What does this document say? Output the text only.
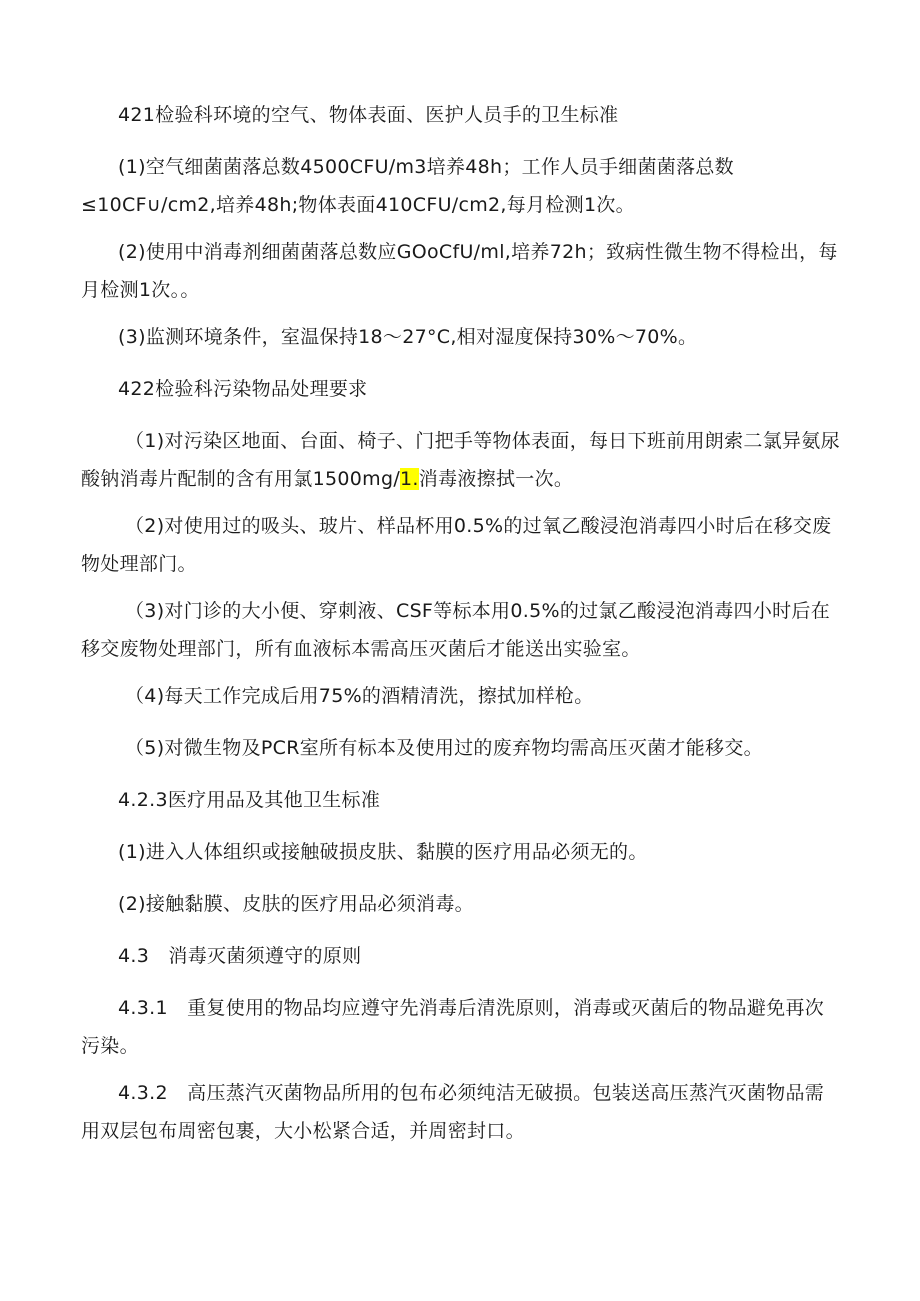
421检验科环境的空气、物体表面、医护人员手的卫生标准

(1)空气细菌菌落总数4500CFU∕m3培养48h；工作人员手细菌菌落总数≤10CF∪∕cm2,培养48h;物体表面410CFU/cm2,每月检测1次。

(2)使用中消毒剂细菌菌落总数应GOoCfU/ml,培养72h；致病性微生物不得检出，每月检测1次。。

(3)监测环境条件，室温保持18～27°C,相对湿度保持30%～70%。

422检验科污染物品处理要求

（1)对污染区地面、台面、椅子、门把手等物体表面，每日下班前用朗索二氯异氨尿酸钠消毒片配制的含有用氯1500mg∕1.消毒液擦拭一次。

（2)对使用过的吸头、玻片、样品杯用0.5%的过氧乙酸浸泡消毒四小时后在移交废物处理部门。

（3)对门诊的大小便、穿刺液、CSF等标本用0.5%的过氯乙酸浸泡消毒四小时后在移交废物处理部门，所有血液标本需高压灭菌后才能送出实验室。

（4)每天工作完成后用75%的酒精清洗，擦拭加样枪。

（5)对微生物及PCR室所有标本及使用过的废弃物均需高压灭菌才能移交。

4.2.3医疗用品及其他卫生标准

(1)进入人体组织或接触破损皮肤、黏膜的医疗用品必须无的。

(2)接触黏膜、皮肤的医疗用品必须消毒。

4.3　消毒灭菌须遵守的原则

4.3.1　重复使用的物品均应遵守先消毒后清洗原则，消毒或灭菌后的物品避免再次污染。

4.3.2　高压蒸汽灭菌物品所用的包布必须纯洁无破损。包装送高压蒸汽灭菌物品需用双层包布周密包裹，大小松紧合适，并周密封口。
